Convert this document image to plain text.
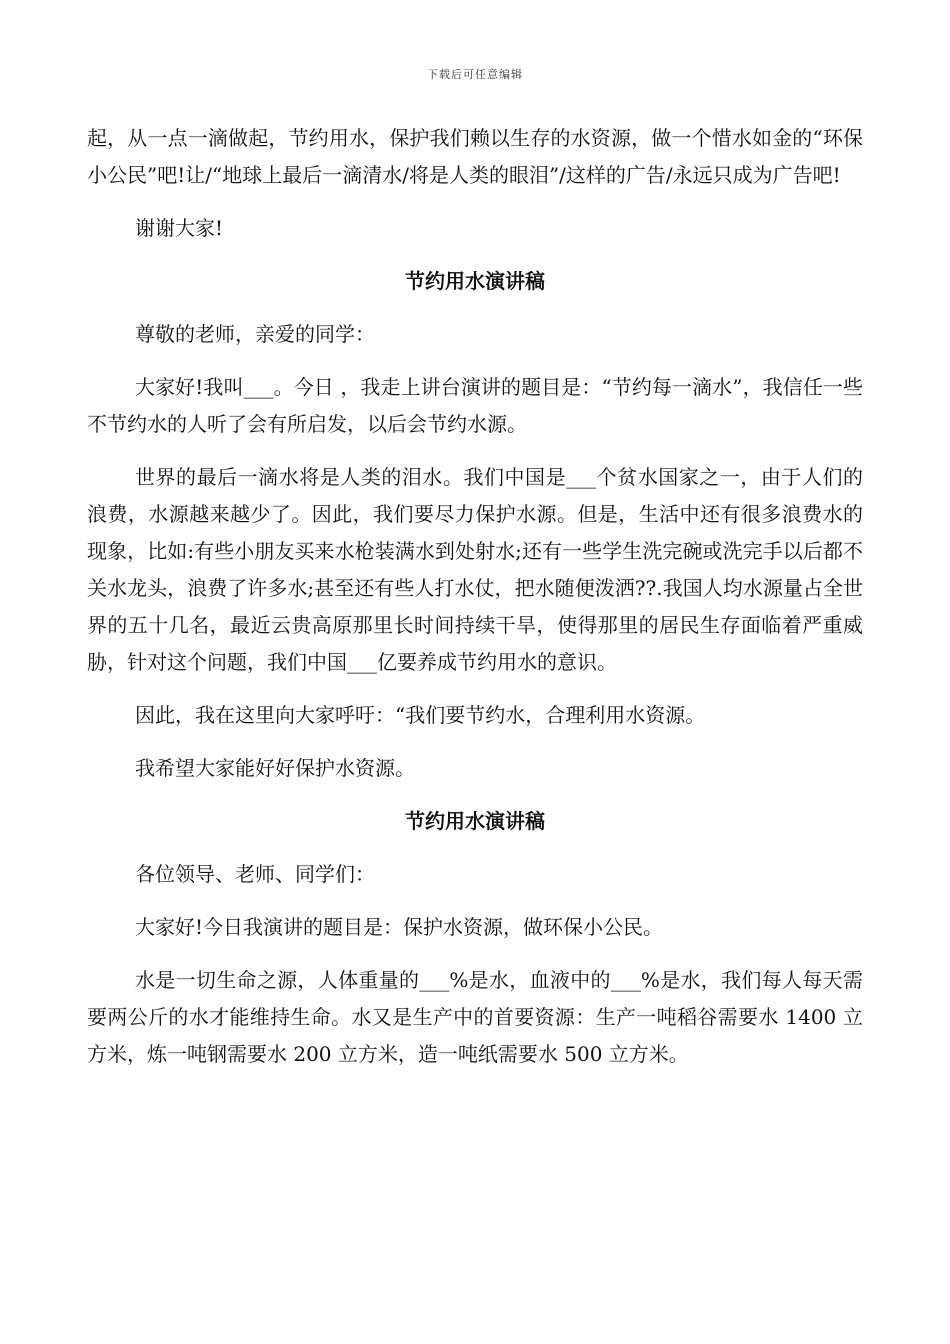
下载后可任意编辑

起，从一点一滴做起，节约用水，保护我们赖以生存的水资源，做一个惜水如金的“环保小公民”吧!让/“地球上最后一滴清水/将是人类的眼泪”/这样的广告/永远只成为广告吧!

谢谢大家!

节约用水演讲稿

尊敬的老师，亲爱的同学：

大家好!我叫___。今日 ，我走上讲台演讲的题目是：“节约每一滴水”，我信任一些不节约水的人听了会有所启发，以后会节约水源。

世界的最后一滴水将是人类的泪水。我们中国是___个贫水国家之一，由于人们的浪费，水源越来越少了。因此，我们要尽力保护水源。但是，生活中还有很多浪费水的现象，比如:有些小朋友买来水枪装满水到处射水;还有一些学生洗完碗或洗完手以后都不关水龙头，浪费了许多水;甚至还有些人打水仗，把水随便泼洒??.我国人均水源量占全世界的五十几名，最近云贵高原那里长时间持续干旱，使得那里的居民生存面临着严重威胁，针对这个问题，我们中国___亿要养成节约用水的意识。

因此，我在这里向大家呼吁：“我们要节约水，合理利用水资源。

我希望大家能好好保护水资源。

节约用水演讲稿

各位领导、老师、同学们：

大家好!今日我演讲的题目是：保护水资源，做环保小公民。

水是一切生命之源，人体重量的___%是水，血液中的___%是水，我们每人每天需要两公斤的水才能维持生命。水又是生产中的首要资源：生产一吨稻谷需要水 1400 立方米，炼一吨钢需要水 200 立方米，造一吨纸需要水 500 立方米。
